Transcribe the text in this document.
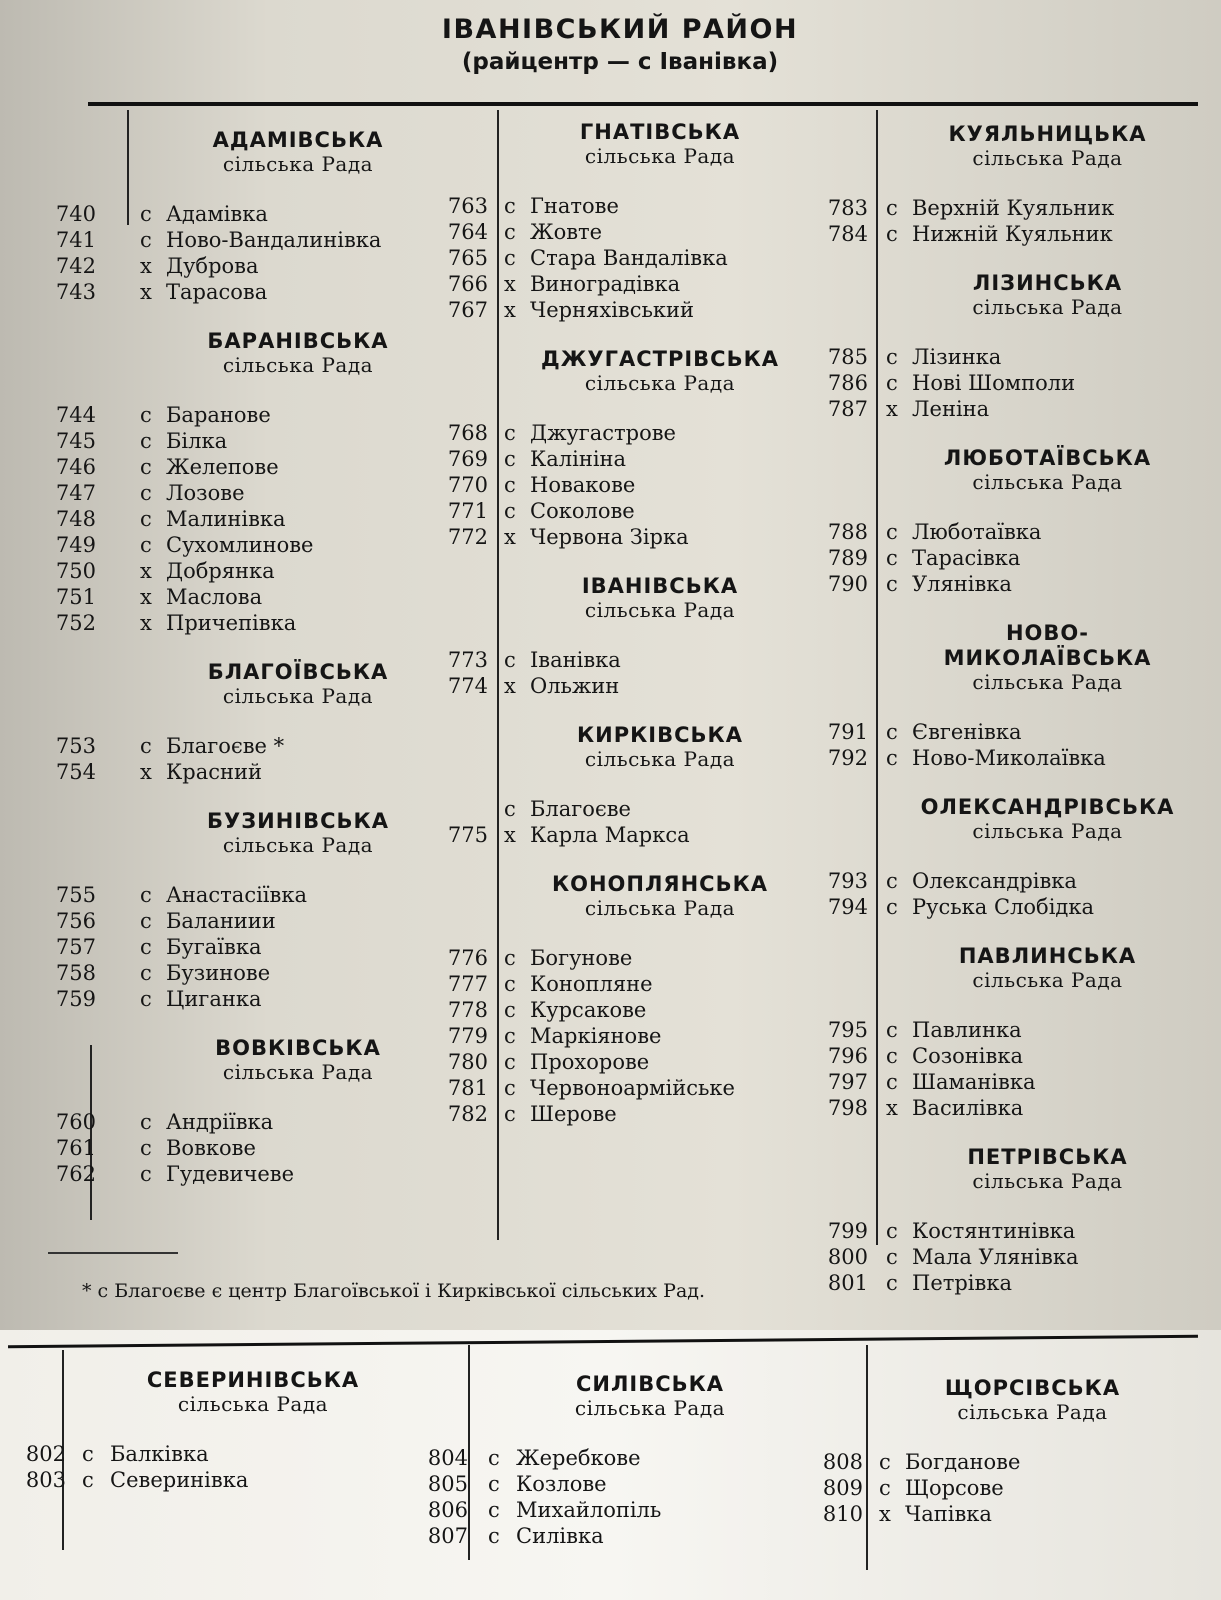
ІВАНІВСЬКИЙ РАЙОН
(райцентр — с Іванівка)
АДАМІВСЬКА
сільська Рада
740 с Адамівка
741 с Ново-Вандалинівка
742 х Дуброва
743 х Тарасова
БАРАНІВСЬКА
сільська Рада
744 с Баранове
745 с Білка
746 с Желепове
747 с Лозове
748 с Малинівка
749 с Сухомлинове
750 х Добрянка
751 х Маслова
752 х Причепівка
БЛАГОЇВСЬКА
сільська Рада
753 с Благоєве *
754 х Красний
БУЗИНІВСЬКА
сільська Рада
755 с Анастасіївка
756 с Баланиии
757 с Бугаївка
758 с Бузинове
759 с Циганка
ВОВКІВСЬКА
сільська Рада
760 с Андріївка
761 с Вовкове
762 с Гудевичеве
ГНАТІВСЬКА
сільська Рада
763 с Гнатове
764 с Жовте
765 с Стара Вандалівка
766 х Виноградівка
767 х Черняхівський
ДЖУГАСТРІВСЬКА
сільська Рада
768 с Джугастрове
769 с Калініна
770 с Новакове
771 с Соколове
772 х Червона Зірка
ІВАНІВСЬКА
сільська Рада
773 с Іванівка
774 х Ольжин
КИРКІВСЬКА
сільська Рада
с Благоєве
775 х Карла Маркса
КОНОПЛЯНСЬКА
сільська Рада
776 с Богунове
777 с Коноплянe
778 с Курсакове
779 с Маркіянове
780 с Прохорове
781 с Червоноармійське
782 с Шерове
КУЯЛЬНИЦЬКА
сільська Рада
783 с Верхній Куяльник
784 с Нижній Куяльник
ЛІЗИНСЬКА
сільська Рада
785 с Лізинка
786 с Нові Шомполи
787 х Леніна
ЛЮБОТАЇВСЬКА
сільська Рада
788 с Люботаївка
789 с Тарасівка
790 с Улянівка
НОВО-
МИКОЛАЇВСЬКА
сільська Рада
791 с Євгенівка
792 с Ново-Миколаївка
ОЛЕКСАНДРІВСЬКА
сільська Рада
793 с Олександрівка
794 с Руська Слобідка
ПАВЛИНСЬКА
сільська Рада
795 с Павлинка
796 с Созонівка
797 с Шаманівка
798 х Василівка
ПЕТРІВСЬКА
сільська Рада
799 с Костянтинівка
800 с Мала Улянівка
801 с Петрівка
* с Благоєве є центр Благоївської і Кирківської сільських Рад.
СЕВЕРИНІВСЬКА
сільська Рада
802 с Балківка
803 с Северинівка
СИЛІВСЬКА
сільська Рада
804 с Жеребкове
805 с Козлове
806 с Михайлопіль
807 с Силівка
ЩОРСІВСЬКА
сільська Рада
808 с Богданове
809 с Щорсове
810 х Чапівка
